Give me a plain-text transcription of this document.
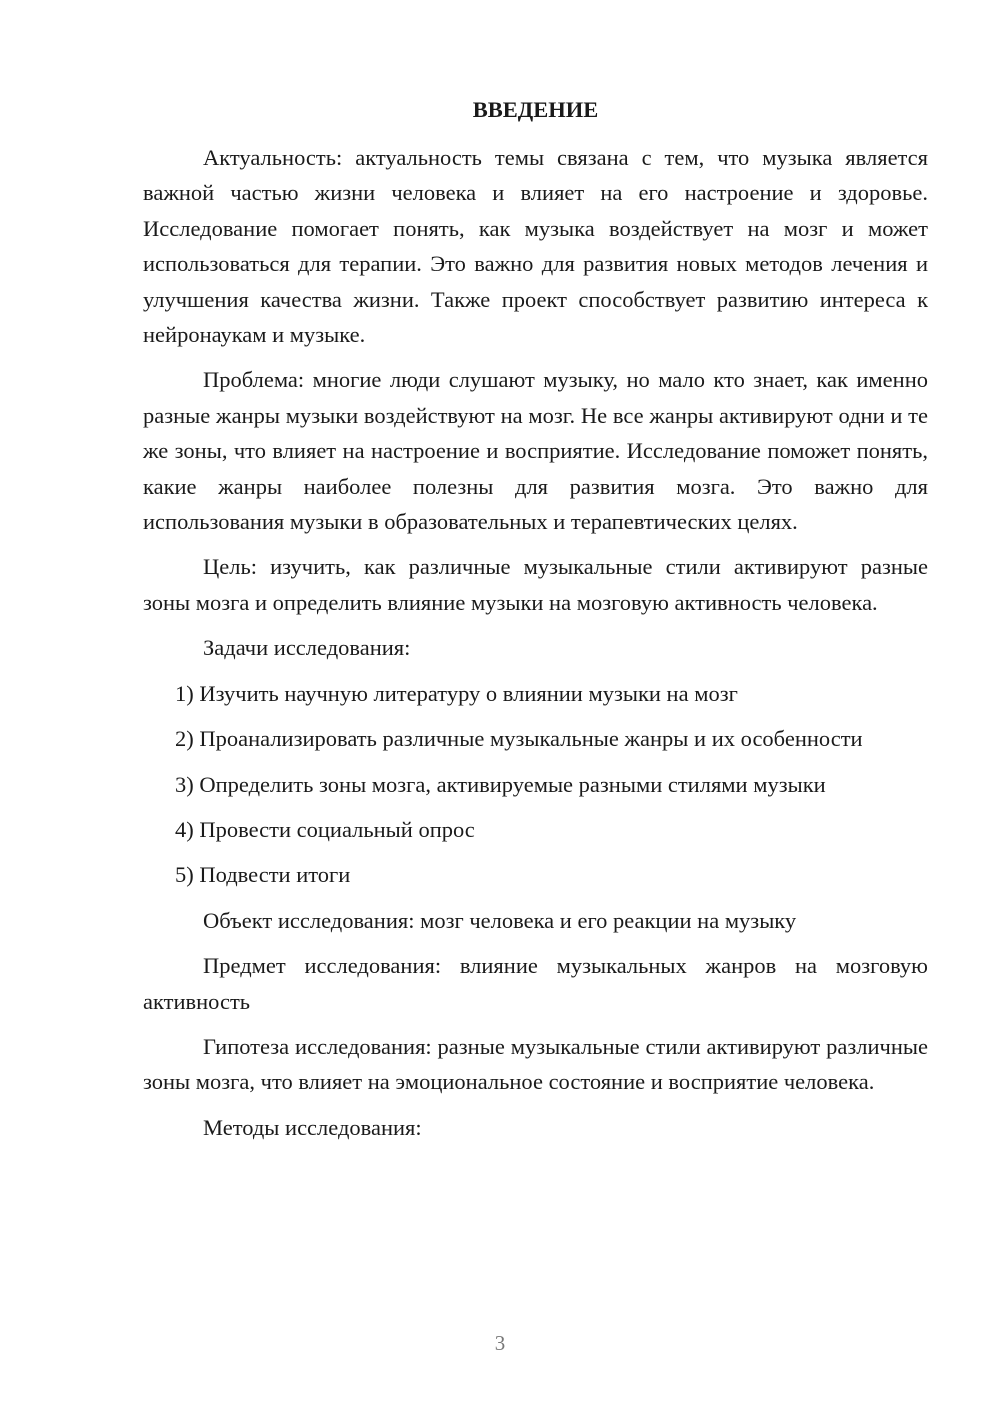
ВВЕДЕНИЕ

Актуальность: актуальность темы связана с тем, что музыка является важной частью жизни человека и влияет на его настроение и здоровье. Исследование помогает понять, как музыка воздействует на мозг и может использоваться для терапии. Это важно для развития новых методов лечения и улучшения качества жизни. Также проект способствует развитию интереса к нейронаукам и музыке.

Проблема: многие люди слушают музыку, но мало кто знает, как именно разные жанры музыки воздействуют на мозг. Не все жанры активируют одни и те же зоны, что влияет на настроение и восприятие. Исследование поможет понять, какие жанры наиболее полезны для развития мозга. Это важно для использования музыки в образовательных и терапевтических целях.

Цель: изучить, как различные музыкальные стили активируют разные зоны мозга и определить влияние музыки на мозговую активность человека.

Задачи исследования:

1) Изучить научную литературу о влиянии музыки на мозг

2) Проанализировать различные музыкальные жанры и их особенности

3) Определить зоны мозга, активируемые разными стилями музыки

4) Провести социальный опрос

5) Подвести итоги

Объект исследования: мозг человека и его реакции на музыку

Предмет исследования: влияние музыкальных жанров на мозговую активность

Гипотеза исследования: разные музыкальные стили активируют различные зоны мозга, что влияет на эмоциональное состояние и восприятие человека.

Методы исследования:

3
